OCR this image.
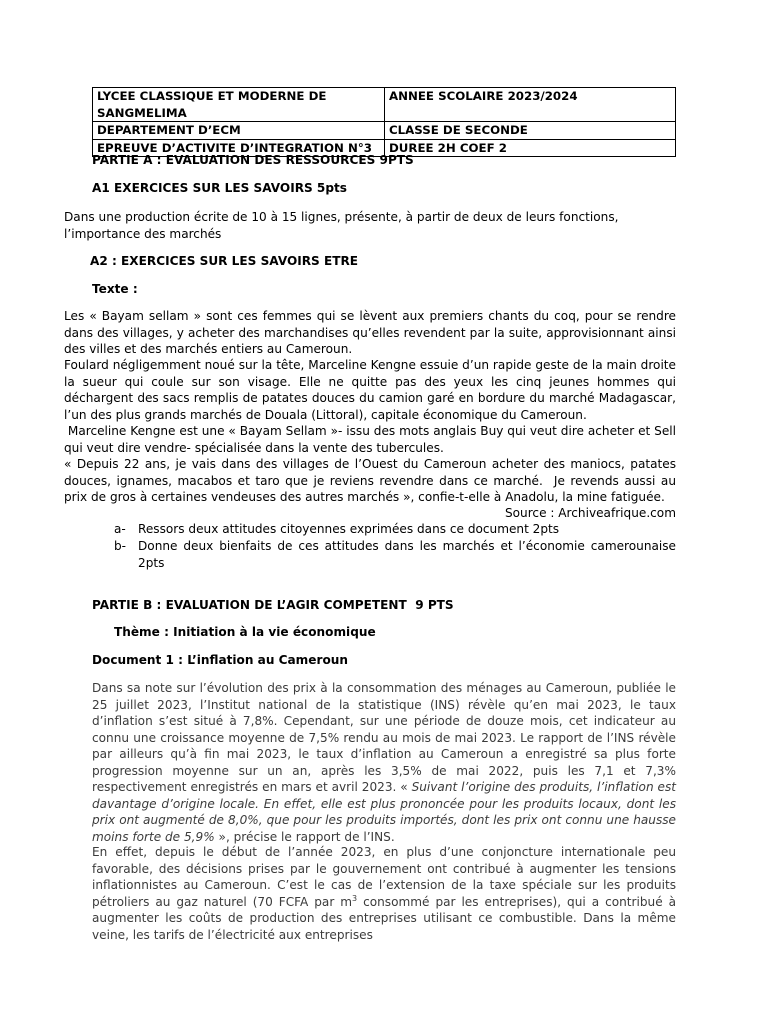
LYCEE CLASSIQUE ET MODERNE DE SANGMELIMA	ANNEE SCOLAIRE 2023/2024
DEPARTEMENT D’ECM	CLASSE DE SECONDE
EPREUVE D’ACTIVITE D’INTEGRATION N°3	DUREE 2H COEF 2
PARTIE A : EVALUATION DES RESSOURCES 9PTS
A1 EXERCICES SUR LES SAVOIRS 5pts
Dans une production écrite de 10 à 15 lignes, présente, à partir de deux de leurs fonctions, l’importance des marchés
A2 : EXERCICES SUR LES SAVOIRS ETRE
Texte :
Les « Bayam sellam » sont ces femmes qui se lèvent aux premiers chants du coq, pour se rendre dans des villages, y acheter des marchandises qu’elles revendent par la suite, approvisionnant ainsi des villes et des marchés entiers au Cameroun.
Foulard négligemment noué sur la tête, Marceline Kengne essuie d’un rapide geste de la main droite la sueur qui coule sur son visage. Elle ne quitte pas des yeux les cinq jeunes hommes qui déchargent des sacs remplis de patates douces du camion garé en bordure du marché Madagascar, l’un des plus grands marchés de Douala (Littoral), capitale économique du Cameroun.
Marceline Kengne est une « Bayam Sellam »- issu des mots anglais Buy qui veut dire acheter et Sell qui veut dire vendre- spécialisée dans la vente des tubercules.
« Depuis 22 ans, je vais dans des villages de l’Ouest du Cameroun acheter des maniocs, patates douces, ignames, macabos et taro que je reviens revendre dans ce marché.  Je revends aussi au prix de gros à certaines vendeuses des autres marchés », confie-t-elle à Anadolu, la mine fatiguée.
Source : Archiveafrique.com
a- Ressors deux attitudes citoyennes exprimées dans ce document 2pts
b- Donne deux bienfaits de ces attitudes dans les marchés et l’économie camerounaise 2pts
PARTIE B : EVALUATION DE L’AGIR COMPETENT  9 PTS
Thème : Initiation à la vie économique
Document 1 : L’inflation au Cameroun
Dans sa note sur l’évolution des prix à la consommation des ménages au Cameroun, publiée le 25 juillet 2023, l’Institut national de la statistique (INS) révèle qu’en mai 2023, le taux d’inflation s’est situé à 7,8%. Cependant, sur une période de douze mois, cet indicateur au connu une croissance moyenne de 7,5% rendu au mois de mai 2023. Le rapport de l’INS révèle par ailleurs qu’à fin mai 2023, le taux d’inflation au Cameroun a enregistré sa plus forte progression moyenne sur un an, après les 3,5% de mai 2022, puis les 7,1 et 7,3% respectivement enregistrés en mars et avril 2023. « Suivant l’origine des produits, l’inflation est davantage d’origine locale. En effet, elle est plus prononcée pour les produits locaux, dont les prix ont augmenté de 8,0%, que pour les produits importés, dont les prix ont connu une hausse moins forte de 5,9% », précise le rapport de l’INS.
En effet, depuis le début de l’année 2023, en plus d’une conjoncture internationale peu favorable, des décisions prises par le gouvernement ont contribué à augmenter les tensions inflationnistes au Cameroun. C’est le cas de l’extension de la taxe spéciale sur les produits pétroliers au gaz naturel (70 FCFA par $m^3$ consommé par les entreprises), qui a contribué à augmenter les coûts de production des entreprises utilisant ce combustible. Dans la même veine, les tarifs de l’électricité aux entreprises
